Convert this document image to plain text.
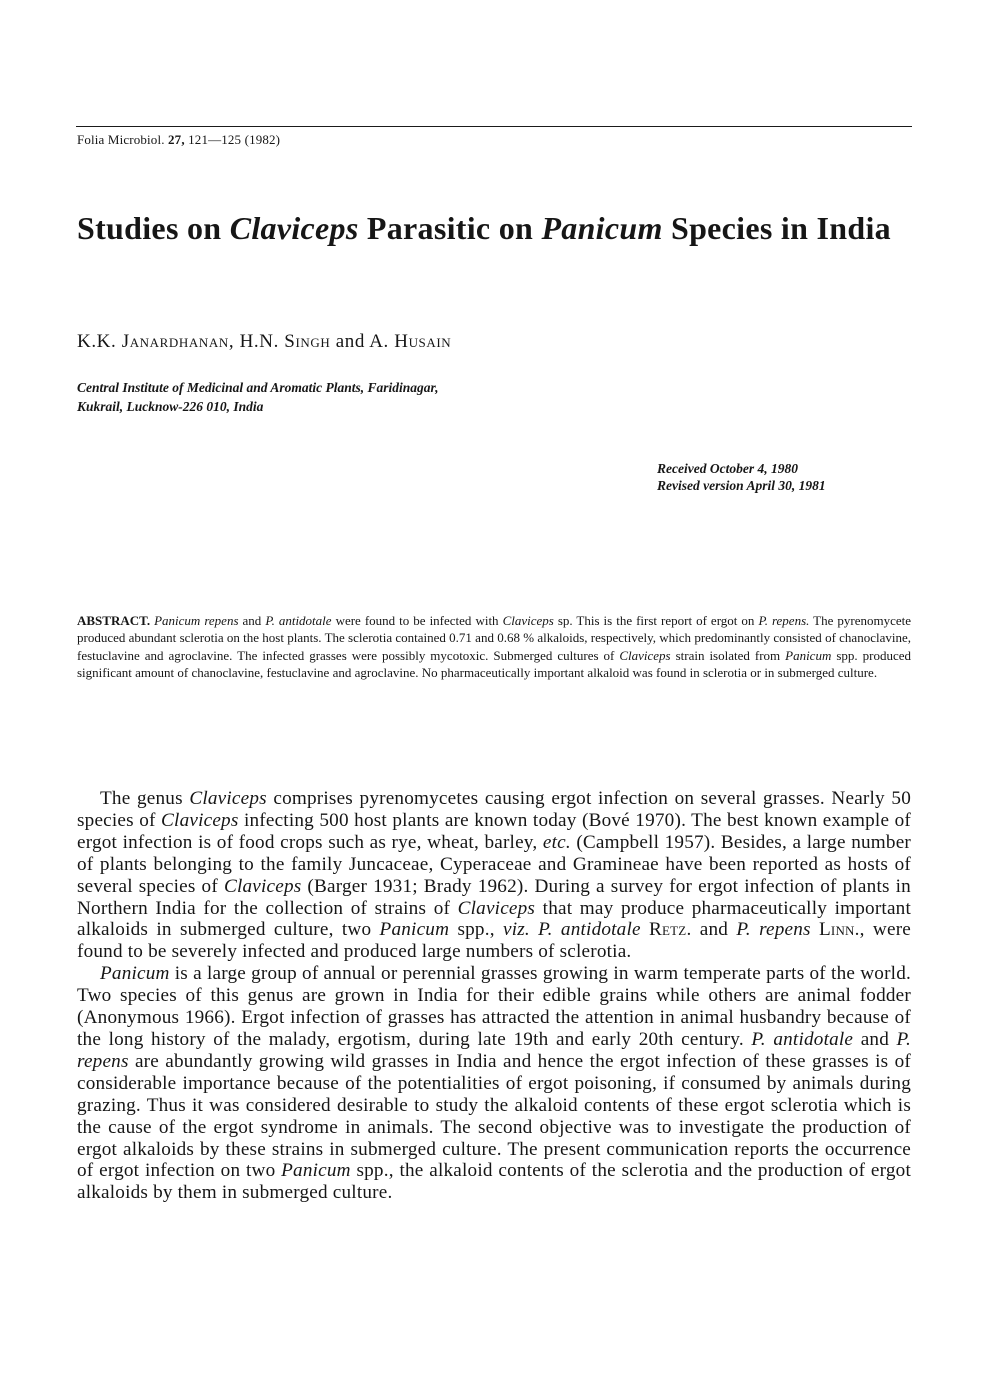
Folia Microbiol. 27, 121—125 (1982)
Studies on Claviceps Parasitic on Panicum Species in India
K.K. Janardhanan, H.N. Singh and A. Husain
Central Institute of Medicinal and Aromatic Plants, Faridinagar,
Kukrail, Lucknow-226 010, India
Received October 4, 1980
Revised version April 30, 1981

ABSTRACT. Panicum repens and P. antidotale were found to be infected with Claviceps sp. This is the first report of ergot on P. repens. The pyrenomycete produced abundant sclerotia on the host plants. The sclerotia contained 0.71 and 0.68 % alkaloids, respectively, which predominantly consisted of chanoclavine, festuclavine and agroclavine. The infected grasses were possibly mycotoxic. Submerged cultures of Claviceps strain isolated from Panicum spp. produced significant amount of chanoclavine, festuclavine and agroclavine. No pharmaceutically important alkaloid was found in sclerotia or in submerged culture.

The genus Claviceps comprises pyrenomycetes causing ergot infection on several grasses. Nearly 50 species of Claviceps infecting 500 host plants are known today (Bové 1970). The best known example of ergot infection is of food crops such as rye, wheat, barley, etc. (Campbell 1957). Besides, a large number of plants belonging to the family Juncaceae, Cyperaceae and Gramineae have been reported as hosts of several species of Claviceps (Barger 1931; Brady 1962). During a survey for ergot infection of plants in Northern India for the collection of strains of Claviceps that may produce pharmaceutically important alkaloids in submerged culture, two Panicum spp., viz. P. antidotale Retz. and P. repens Linn., were found to be severely infected and produced large numbers of sclerotia.

Panicum is a large group of annual or perennial grasses growing in warm temperate parts of the world. Two species of this genus are grown in India for their edible grains while others are animal fodder (Anonymous 1966). Ergot infection of grasses has attracted the attention in animal husbandry because of the long history of the malady, ergotism, during late 19th and early 20th century. P. antidotale and P. repens are abundantly growing wild grasses in India and hence the ergot infection of these grasses is of considerable importance because of the potentialities of ergot poisoning, if consumed by animals during grazing. Thus it was considered desirable to study the alkaloid contents of these ergot sclerotia which is the cause of the ergot syndrome in animals. The second objective was to investigate the production of ergot alkaloids by these strains in submerged culture. The present communication reports the occurrence of ergot infection on two Panicum spp., the alkaloid contents of the sclerotia and the production of ergot alkaloids by them in submerged culture.
